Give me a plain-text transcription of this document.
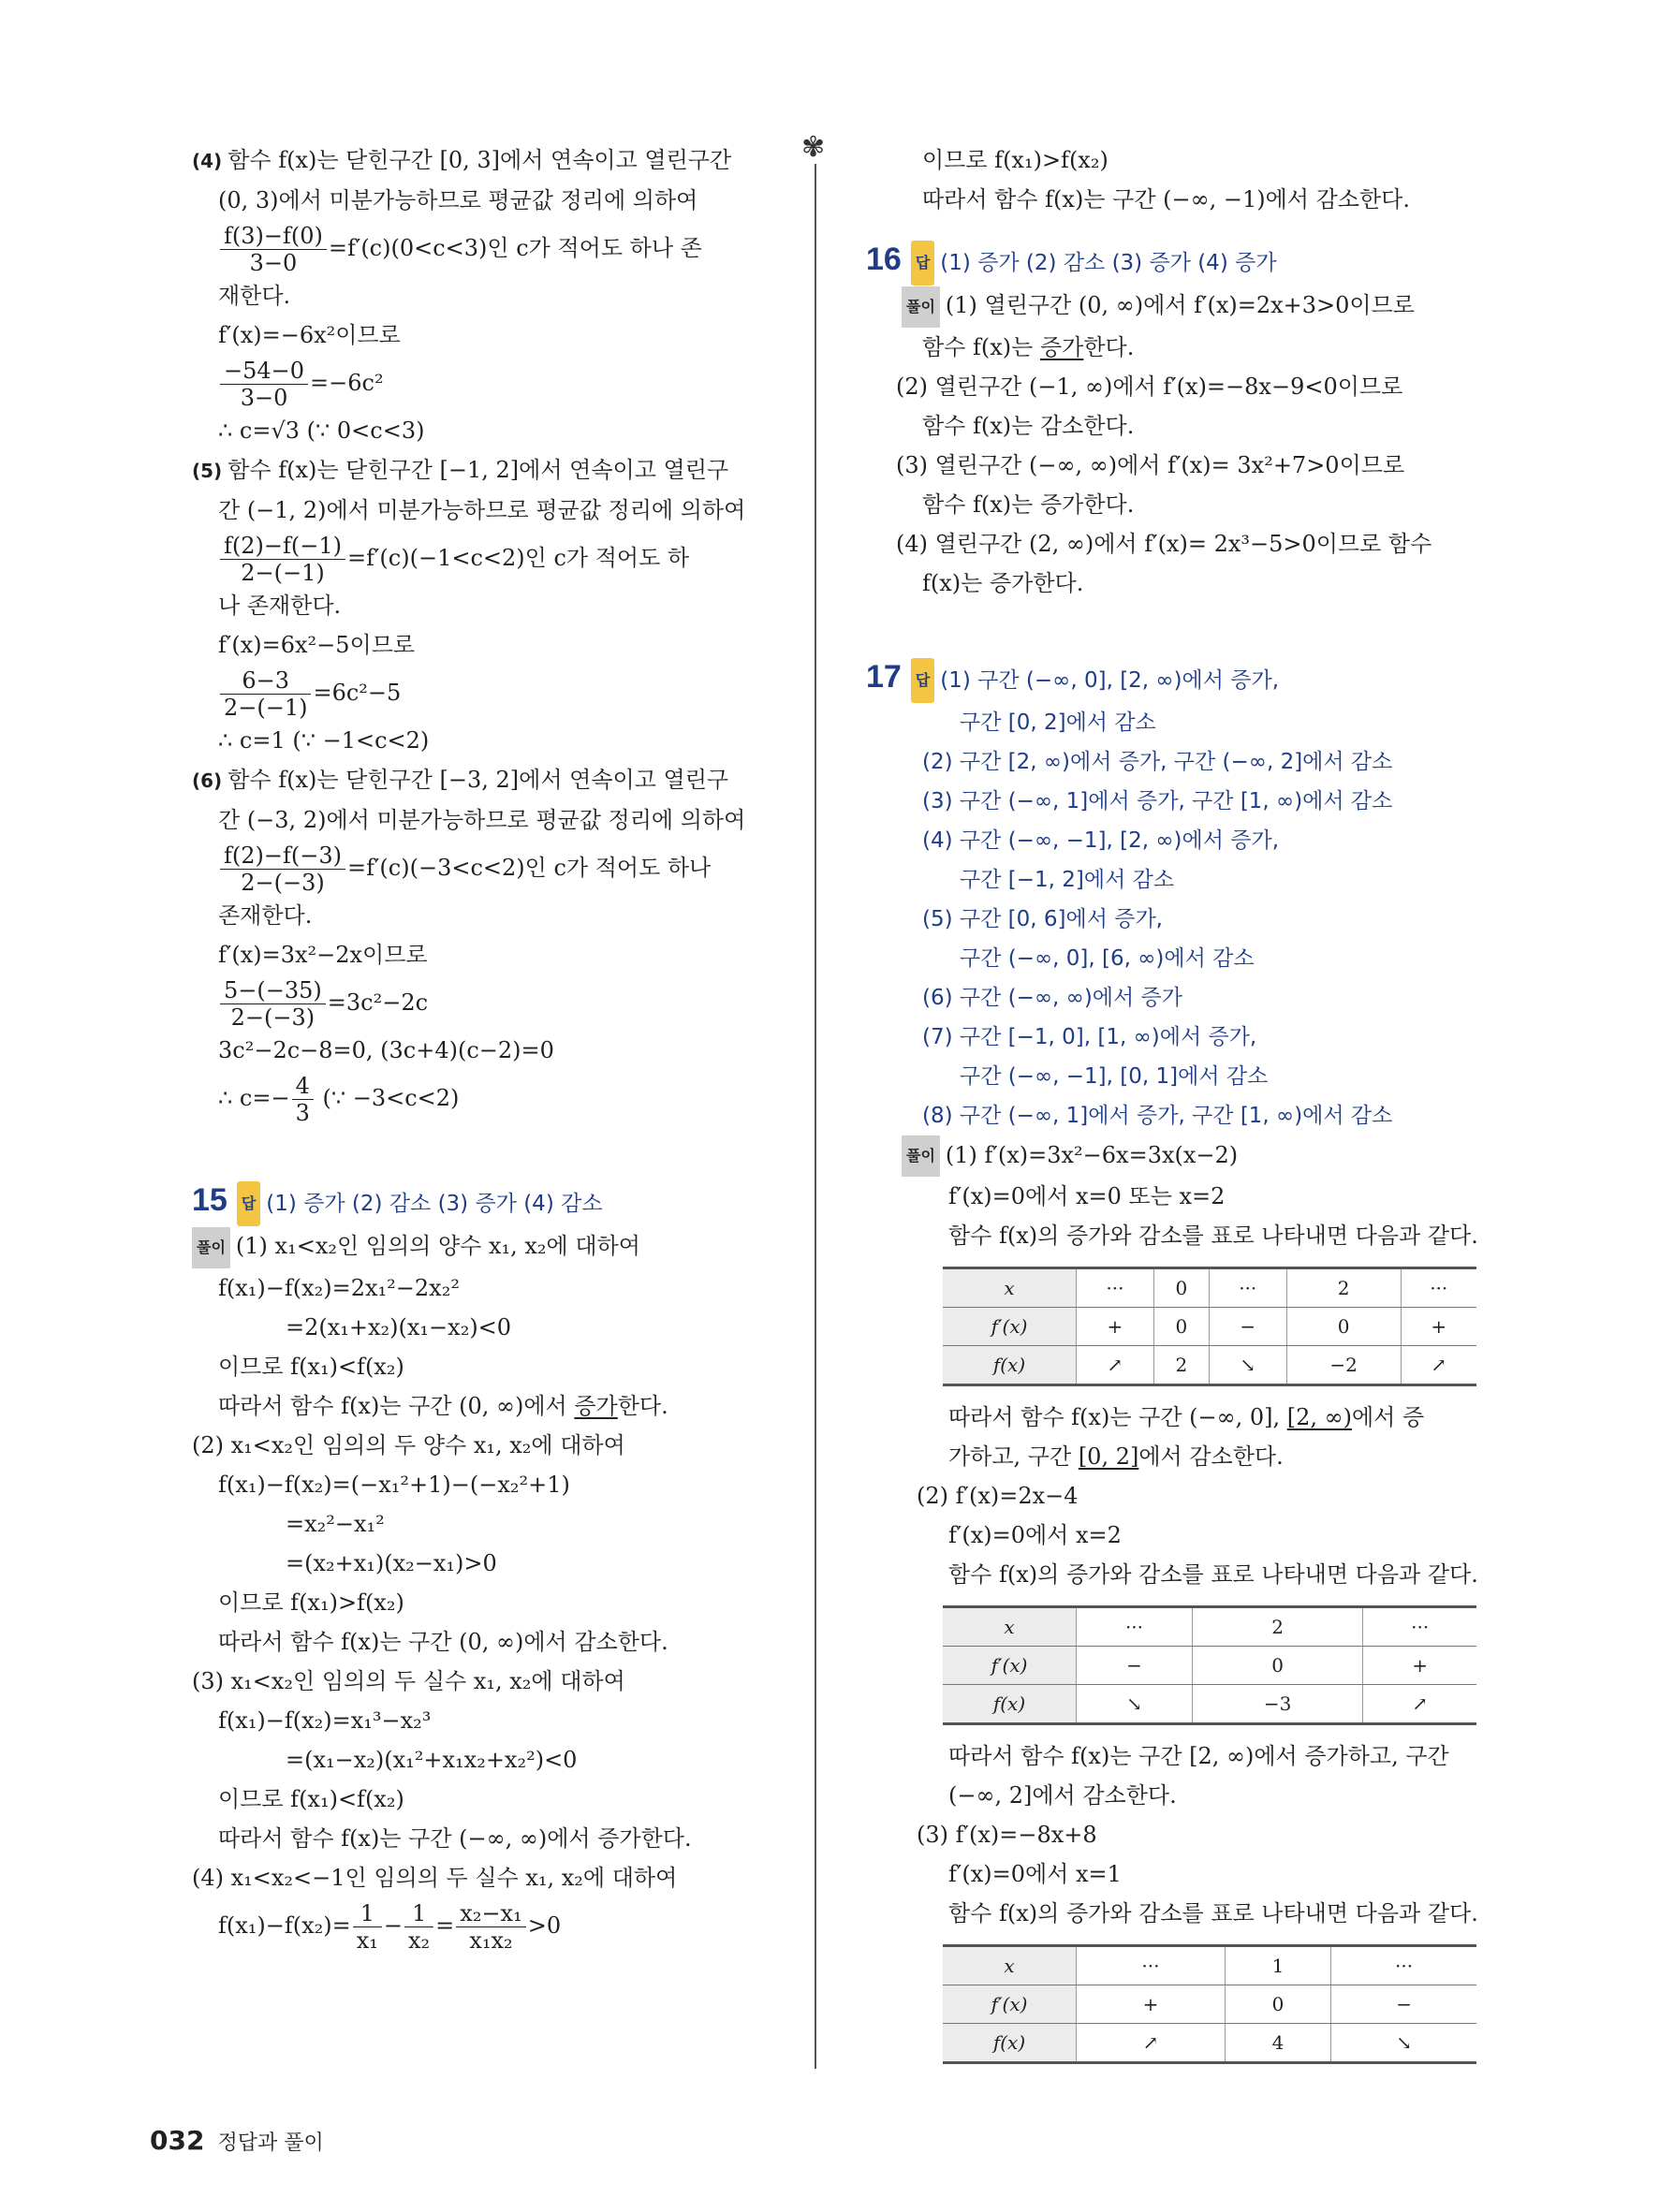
✾
(4) 함수 f(x)는 닫힌구간 [0, 3]에서 연속이고 열린구간
(0, 3)에서 미분가능하므로 평균값 정리에 의하여
$\frac{f(3)-f(0)}{3-0} =f'(c)(0<c<3)$인 c가 적어도 하나 존
재한다.
f′(x)=−6x²이므로
$\frac{-54-0}{3-0} =-6c^2$
∴ c=√3 (∵ 0<c<3)
(5) 함수 f(x)는 닫힌구간 [−1, 2]에서 연속이고 열린구
간 (−1, 2)에서 미분가능하므로 평균값 정리에 의하여
$\frac{f(2)-f(-1)}{2-(-1)} =f'(c)(-1<c<2)$인 c가 적어도 하
나 존재한다.
f′(x)=6x²−5이므로
$\frac{6-3}{2-(-1)} =6c^2-5$
∴ c=1 (∵ −1<c<2)
(6) 함수 f(x)는 닫힌구간 [−3, 2]에서 연속이고 열린구
간 (−3, 2)에서 미분가능하므로 평균값 정리에 의하여
$\frac{f(2)-f(-3)}{2-(-3)} =f'(c)(-3<c<2)$인 c가 적어도 하나
존재한다.
f′(x)=3x²−2x이므로
$\frac{5-(-35)}{2-(-3)} =3c^2-2c$
3c²−2c−8=0, (3c+4)(c−2)=0
∴ $c=- \frac{4}{3}$ (∵ −3<c<2)
15 답 (1) 증가 (2) 감소 (3) 증가 (4) 감소
풀이 (1) x₁<x₂인 임의의 양수 x₁, x₂에 대하여
f(x₁)−f(x₂)=2x₁²−2x₂²
=2(x₁+x₂)(x₁−x₂)<0
이므로 f(x₁)<f(x₂)
따라서 함수 f(x)는 구간 (0, ∞)에서 증가한다.
(2) x₁<x₂인 임의의 두 양수 x₁, x₂에 대하여
f(x₁)−f(x₂)=(−x₁²+1)−(−x₂²+1)
=x₂²−x₁²
=(x₂+x₁)(x₂−x₁)>0
이므로 f(x₁)>f(x₂)
따라서 함수 f(x)는 구간 (0, ∞)에서 감소한다.
(3) x₁<x₂인 임의의 두 실수 x₁, x₂에 대하여
f(x₁)−f(x₂)=x₁³−x₂³
=(x₁−x₂)(x₁²+x₁x₂+x₂²)<0
이므로 f(x₁)<f(x₂)
따라서 함수 f(x)는 구간 (−∞, ∞)에서 증가한다.
(4) x₁<x₂<−1인 임의의 두 실수 x₁, x₂에 대하여
$f(x_1)-f(x_2)= \frac{1}{\text{x₁}} - \frac{1}{\text{x₂}} = \frac{\text{x₂−x₁}}{\text{x₁x₂}} >0$
이므로 f(x₁)>f(x₂)
따라서 함수 f(x)는 구간 (−∞, −1)에서 감소한다.
16 답 (1) 증가 (2) 감소 (3) 증가 (4) 증가
풀이 (1) 열린구간 (0, ∞)에서 f′(x)=2x+3>0이므로
함수 f(x)는 증가한다.
(2) 열린구간 (−1, ∞)에서 f′(x)=−8x−9<0이므로
함수 f(x)는 감소한다.
(3) 열린구간 (−∞, ∞)에서 f′(x)= 3x²+7>0이므로
함수 f(x)는 증가한다.
(4) 열린구간 (2, ∞)에서 f′(x)= 2x³−5>0이므로 함수
f(x)는 증가한다.
17 답 (1) 구간 (−∞, 0], [2, ∞)에서 증가,
구간 [0, 2]에서 감소
(2) 구간 [2, ∞)에서 증가, 구간 (−∞, 2]에서 감소
(3) 구간 (−∞, 1]에서 증가, 구간 [1, ∞)에서 감소
(4) 구간 (−∞, −1], [2, ∞)에서 증가,
구간 [−1, 2]에서 감소
(5) 구간 [0, 6]에서 증가,
구간 (−∞, 0], [6, ∞)에서 감소
(6) 구간 (−∞, ∞)에서 증가
(7) 구간 [−1, 0], [1, ∞)에서 증가,
구간 (−∞, −1], [0, 1]에서 감소
(8) 구간 (−∞, 1]에서 증가, 구간 [1, ∞)에서 감소
풀이 (1) f′(x)=3x²−6x=3x(x−2)
f′(x)=0에서 x=0 또는 x=2
함수 f(x)의 증가와 감소를 표로 나타내면 다음과 같다.
x	···	0	···	2	···
f′(x)	+	0	−	0	+
f(x)	↗	2	↘	−2	↗
따라서 함수 f(x)는 구간 (−∞, 0], [2, ∞)에서 증
가하고, 구간 [0, 2]에서 감소한다.
(2) f′(x)=2x−4
f′(x)=0에서 x=2
함수 f(x)의 증가와 감소를 표로 나타내면 다음과 같다.
x	···	2	···
f′(x)	−	0	+
f(x)	↘	−3	↗
따라서 함수 f(x)는 구간 [2, ∞)에서 증가하고, 구간
(−∞, 2]에서 감소한다.
(3) f′(x)=−8x+8
f′(x)=0에서 x=1
함수 f(x)의 증가와 감소를 표로 나타내면 다음과 같다.
x	···	1	···
f′(x)	+	0	−
f(x)	↗	4	↘
032 정답과 풀이
